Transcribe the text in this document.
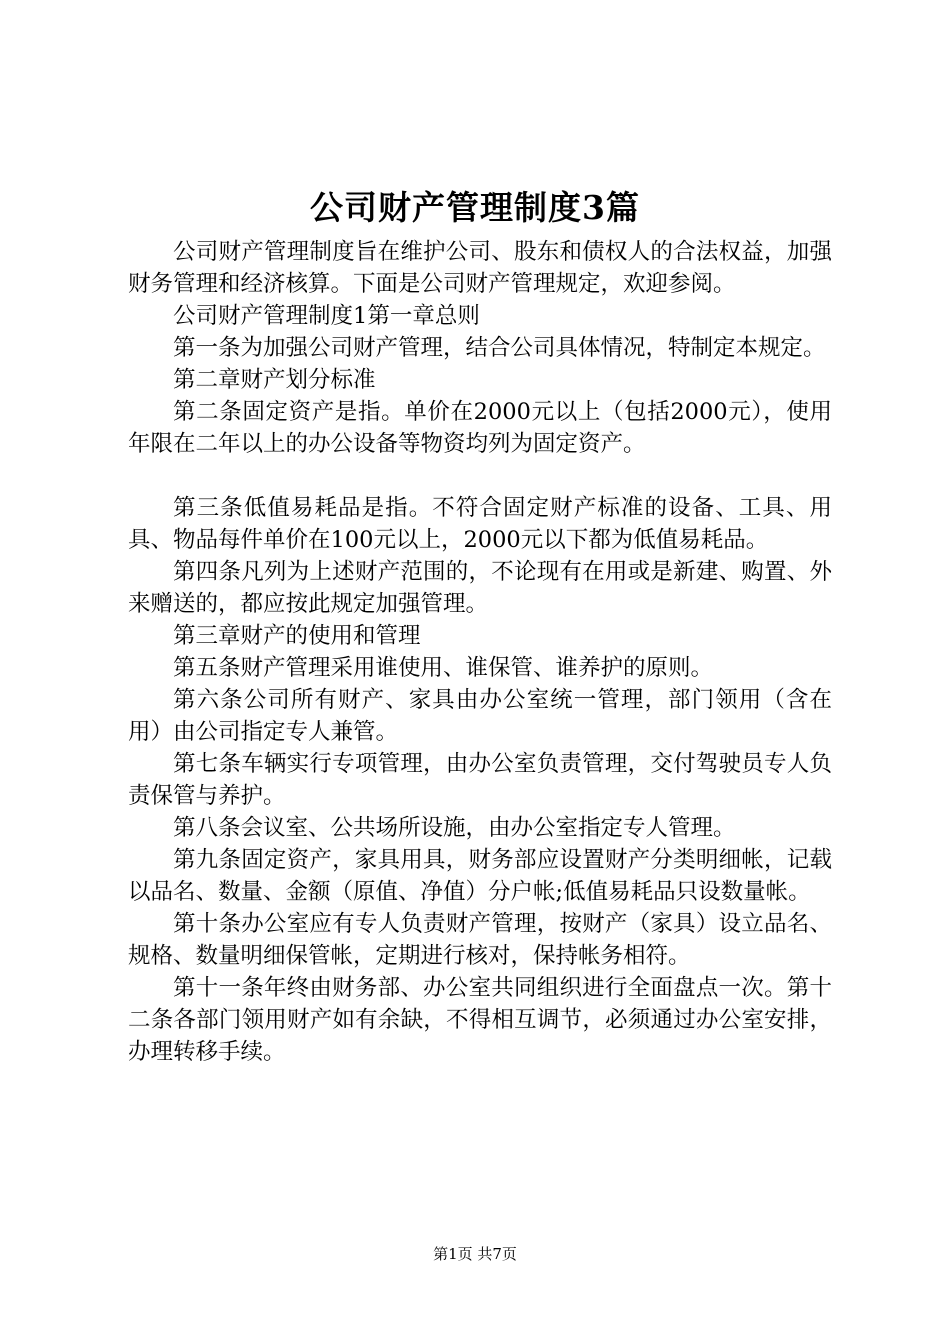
公司财产管理制度3篇

公司财产管理制度旨在维护公司、股东和债权人的合法权益，加强财务管理和经济核算。下面是公司财产管理规定，欢迎参阅。

公司财产管理制度1第一章总则

第一条为加强公司财产管理，结合公司具体情况，特制定本规定。

第二章财产划分标准

第二条固定资产是指。单价在2000元以上（包括2000元），使用年限在二年以上的办公设备等物资均列为固定资产。

第三条低值易耗品是指。不符合固定财产标准的设备、工具、用具、物品每件单价在100元以上，2000元以下都为低值易耗品。

第四条凡列为上述财产范围的，不论现有在用或是新建、购置、外来赠送的，都应按此规定加强管理。

第三章财产的使用和管理

第五条财产管理采用谁使用、谁保管、谁养护的原则。

第六条公司所有财产、家具由办公室统一管理，部门领用（含在用）由公司指定专人兼管。

第七条车辆实行专项管理，由办公室负责管理，交付驾驶员专人负责保管与养护。

第八条会议室、公共场所设施，由办公室指定专人管理。

第九条固定资产，家具用具，财务部应设置财产分类明细帐，记载以品名、数量、金额（原值、净值）分户帐;低值易耗品只设数量帐。

第十条办公室应有专人负责财产管理，按财产（家具）设立品名、规格、数量明细保管帐，定期进行核对，保持帐务相符。

第十一条年终由财务部、办公室共同组织进行全面盘点一次。第十二条各部门领用财产如有余缺，不得相互调节，必须通过办公室安排，办理转移手续。

第1页 共7页
